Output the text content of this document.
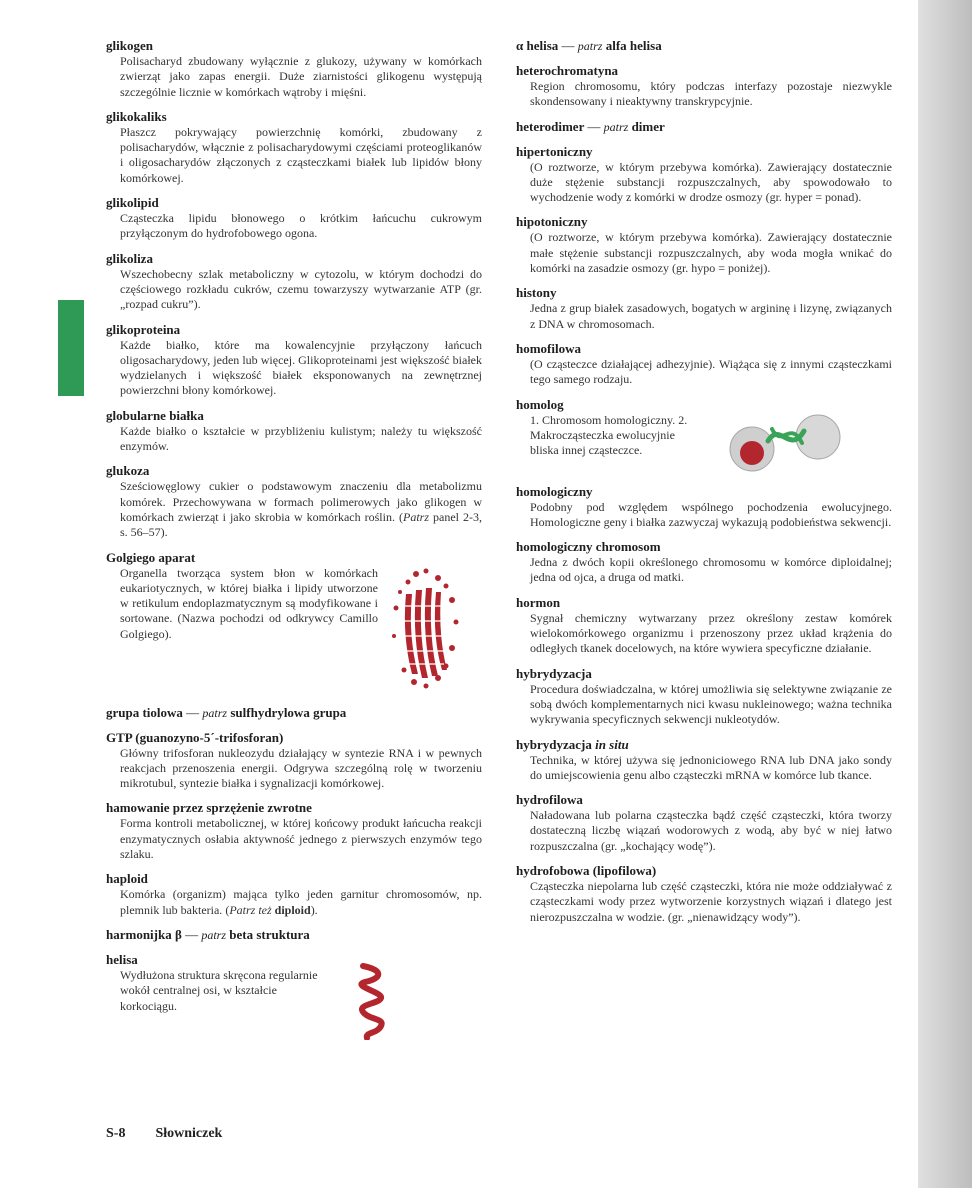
glikogen
Polisacharyd zbudowany wyłącznie z glukozy, używany w komórkach zwierząt jako zapas energii. Duże ziarnistości glikogenu występują szczególnie licznie w komórkach wątroby i mięśni.
glikokaliks
Płaszcz pokrywający powierzchnię komórki, zbudowany z polisacharydów, włącznie z polisacharydowymi częściami proteoglikanów i oligosacharydów złączonych z cząsteczkami białek lub lipidów błony komórkowej.
glikolipid
Cząsteczka lipidu błonowego o krótkim łańcuchu cukrowym przyłączonym do hydrofobowego ogona.
glikoliza
Wszechobecny szlak metaboliczny w cytozolu, w którym dochodzi do częściowego rozkładu cukrów, czemu towarzyszy wytwarzanie ATP (gr. „rozpad cukru”).
glikoproteina
Każde białko, które ma kowalencyjnie przyłączony łańcuch oligosacharydowy, jeden lub więcej. Glikoproteinami jest większość białek wydzielanych i większość białek eksponowanych na zewnętrznej powierzchni błony komórkowej.
globularne białka
Każde białko o kształcie w przybliżeniu kulistym; należy tu większość enzymów.
glukoza
Sześciowęglowy cukier o podstawowym znaczeniu dla metabolizmu komórek. Przechowywana w formach polimerowych jako glikogen w komórkach zwierząt i jako skrobia w komórkach roślin. (Patrz panel 2-3, s. 56–57).
Golgiego aparat
Organella tworząca system błon w komórkach eukariotycznych, w której białka i lipidy utworzone w retikulum endoplazmatycznym są modyfikowane i sortowane. (Nazwa pochodzi od odkrywcy Camillo Golgiego).
grupa tiolowa — patrz sulfhydrylowa grupa
GTP (guanozyno-5´-trifosforan)
Główny trifosforan nukleozydu działający w syntezie RNA i w pewnych reakcjach przenoszenia energii. Odgrywa szczególną rolę w tworzeniu mikrotubul, syntezie białka i sygnalizacji komórkowej.
hamowanie przez sprzężenie zwrotne
Forma kontroli metabolicznej, w której końcowy produkt łańcucha reakcji enzymatycznych osłabia aktywność jednego z pierwszych enzymów tego szlaku.
haploid
Komórka (organizm) mająca tylko jeden garnitur chromosomów, np. plemnik lub bakteria. (Patrz też diploid).
harmonijka β — patrz beta struktura
helisa
Wydłużona struktura skręcona regularnie wokół centralnej osi, w kształcie korkociągu.
α helisa — patrz alfa helisa
heterochromatyna
Region chromosomu, który podczas interfazy pozostaje niezwykle skondensowany i nieaktywny transkrypcyjnie.
heterodimer — patrz dimer
hipertoniczny
(O roztworze, w którym przebywa komórka). Zawierający dostatecznie duże stężenie substancji rozpuszczalnych, aby spowodowało to wychodzenie wody z komórki w drodze osmozy (gr. hyper = ponad).
hipotoniczny
(O roztworze, w którym przebywa komórka). Zawierający dostatecznie małe stężenie substancji rozpuszczalnych, aby woda mogła wnikać do komórki na zasadzie osmozy (gr. hypo = poniżej).
histony
Jedna z grup białek zasadowych, bogatych w argininę i lizynę, związanych z DNA w chromosomach.
homofilowa
(O cząsteczce działającej adhezyjnie). Wiążąca się z innymi cząsteczkami tego samego rodzaju.
homolog
1. Chromosom homologiczny. 2. Makrocząsteczka ewolucyjnie bliska innej cząsteczce.
homologiczny
Podobny pod względem wspólnego pochodzenia ewolucyjnego. Homologiczne geny i białka zazwyczaj wykazują podobieństwa sekwencji.
homologiczny chromosom
Jedna z dwóch kopii określonego chromosomu w komórce diploidalnej; jedna od ojca, a druga od matki.
hormon
Sygnał chemiczny wytwarzany przez określony zestaw komórek wielokomórkowego organizmu i przenoszony przez układ krążenia do odległych tkanek docelowych, na które wywiera specyficzne działanie.
hybrydyzacja
Procedura doświadczalna, w której umożliwia się selektywne związanie ze sobą dwóch komplementarnych nici kwasu nukleinowego; ważna technika wykrywania specyficznych sekwencji nukleotydów.
hybrydyzacja in situ
Technika, w której używa się jednoniciowego RNA lub DNA jako sondy do umiejscowienia genu albo cząsteczki mRNA w komórce lub tkance.
hydrofilowa
Naładowana lub polarna cząsteczka bądź część cząsteczki, która tworzy dostateczną liczbę wiązań wodorowych z wodą, aby być w niej łatwo rozpuszczalna (gr. „kochający wodę”).
hydrofobowa (lipofilowa)
Cząsteczka niepolarna lub część cząsteczki, która nie może oddziaływać z cząsteczkami wody przez wytworzenie korzystnych wiązań i dlatego jest nierozpuszczalna w wodzie. (gr. „nienawidzący wody”).
S-8 Słowniczek
